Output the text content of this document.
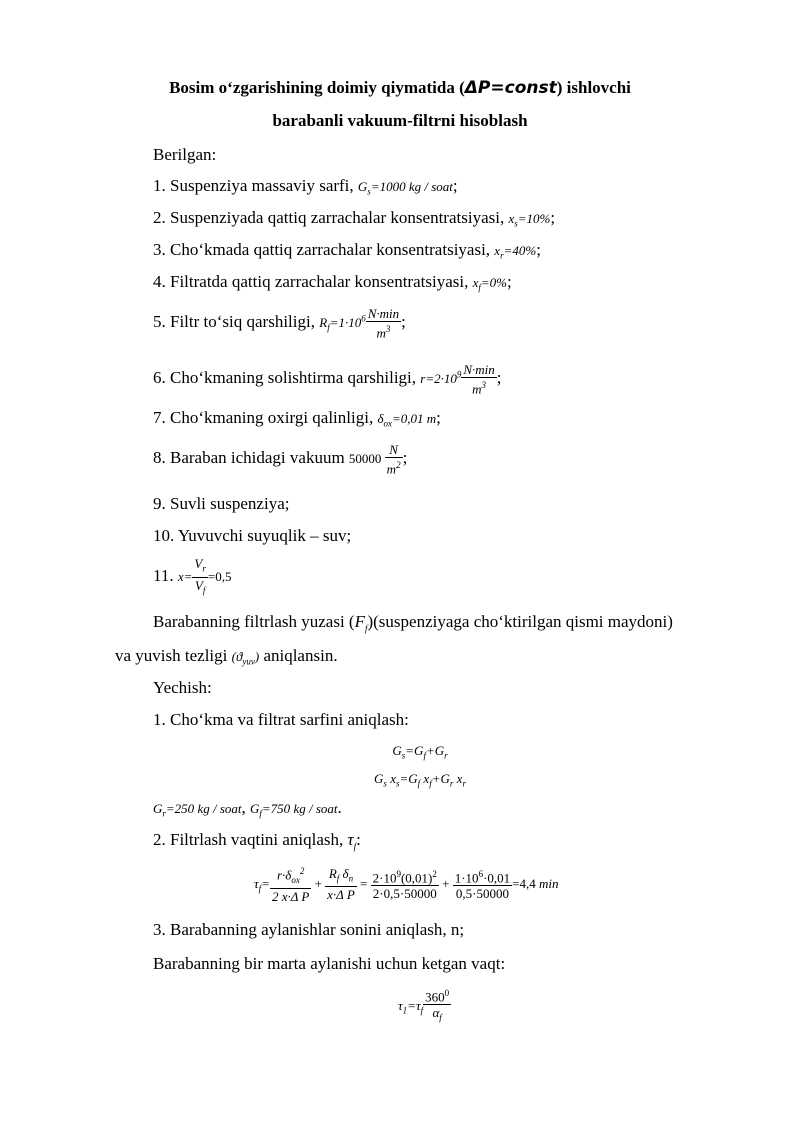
Bosim o‘zgarishining doimiy qiymatida (ΔP=const) ishlovchi
barabanli vakuum-filtrni hisoblash
Berilgan:
1. Suspenziya massaviy sarfi, $G_s=1000$ kg / soat;
2. Suspenziyada qattiq zarrachalar konsentratsiyasi, $x_s=10\%$;
3. Cho‘kmada qattiq zarrachalar konsentratsiyasi, $x_r=40\%$;
4. Filtratda qattiq zarrachalar konsentratsiyasi, $x_f=0\%$;
5. Filtr to‘siq qarshiligi, $R_f=1\cdot 10^6 \frac{N\cdot\min}{m^3}$ ;
6. Cho‘kmaning solishtirma qarshiligi, $r=2\cdot 10^9 \frac{N\cdot\min}{m^3}$ ;
7. Cho‘kmaning oxirgi qalinligi, $\delta_{ox}=0,01$ m;
8. Baraban ichidagi vakuum $50000 \frac{N}{m^2}$ ;
9. Suvli suspenziya;
10. Yuvuvchi suyuqlik – suv;
11. $x= \frac{V_r}{V_f} =0,5$
Barabanning filtrlash yuzasi $(F_f)(suspenziyaga$ cho‘ktirilgan qismi maydoni)
va yuvish tezligi $(ϑ_{yuv})$ aniqlansin.
Yechish:
1. Cho‘kma va filtrat sarfini aniqlash:
$G_s=G_f+G_r$
$G_s$ $x_s=G_f$ $x_f+G_r$ $x_r$
$G_r=250$ kg / soat, $G_f=750$ kg / soat.
2. Filtrlash vaqtini aniqlash, $\tau_f$:
$\tau_f= \frac{r\cdot\delta_{ox}^2}{\text{2 x·Δ P}} + \frac{R_f \delta_n}{\text{x·Δ P}} = \frac{2\cdot 10^9(0,01)^2}{2\cdot 0,5\cdot 50000} + \frac{1\cdot 10^6\cdot 0,01}{0,5\cdot 50000} =4,4$ min
3. Barabanning aylanishlar sonini aniqlash, n;
Barabanning bir marta aylanishi uchun ketgan vaqt:
$\tau_1=\tau_f \frac{360^0}{\alpha_f}$
